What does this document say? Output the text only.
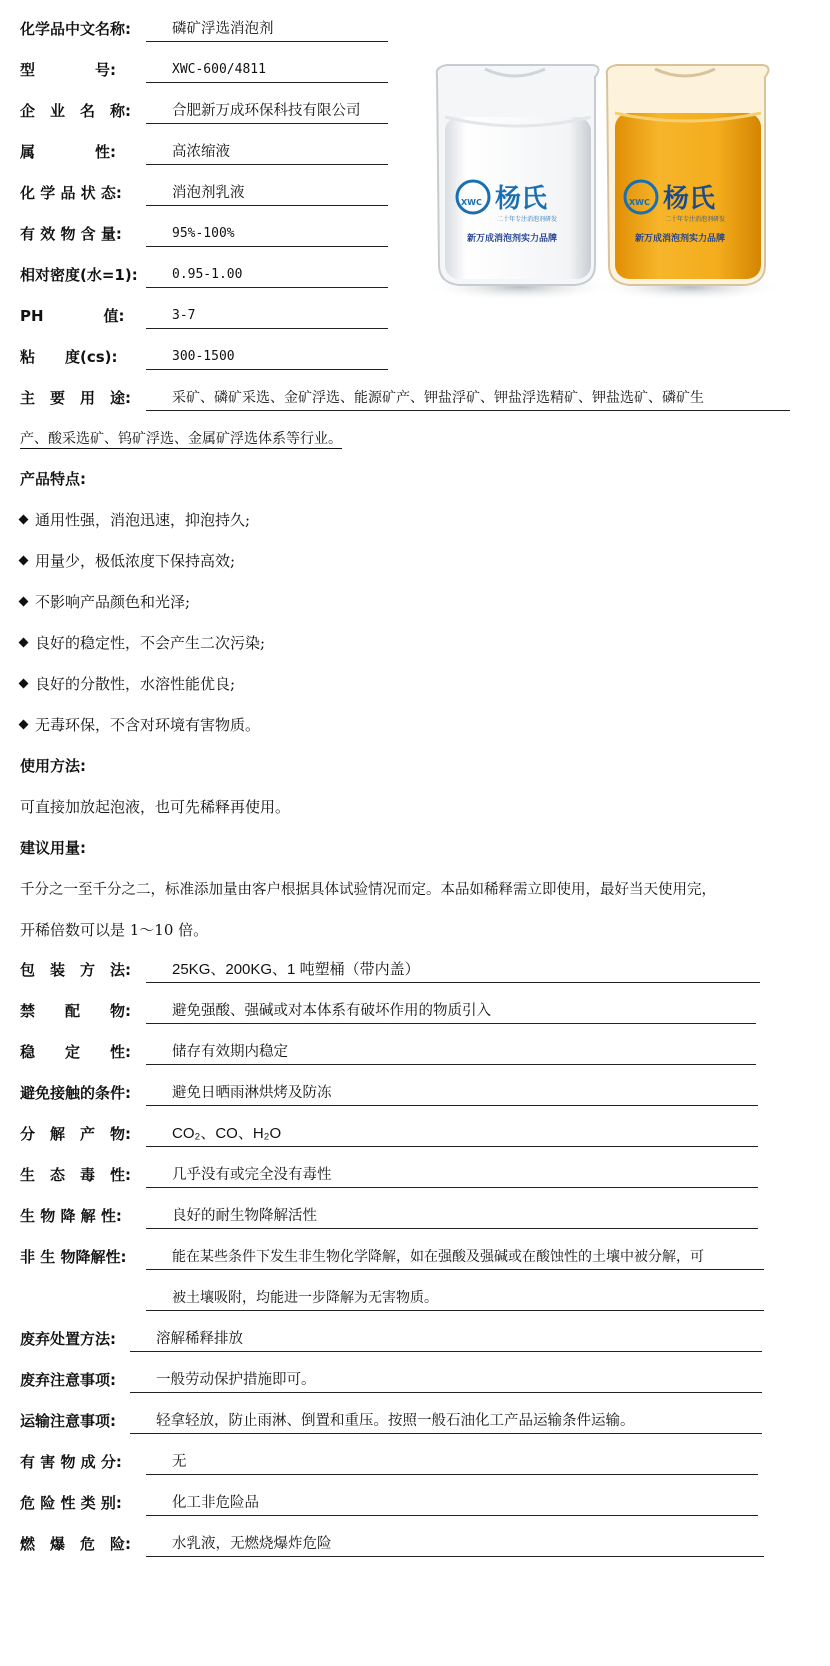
化学品中文名称:	磷矿浮选消泡剂
型　　　　号:	XWC-600/4811
企　业　名　称:	合肥新万成环保科技有限公司
属　　　　性:	高浓缩液
化 学 品 状 态:	消泡剂乳液
有 效 物 含 量:	95%-100%
相对密度(水=1):	0.95-1.00
PH　　　　值:	3-7
粘　　度(cs):	300-1500
XWC 杨氏
二十年专注消泡剂研发
新万成消泡剂实力品牌
XWC 杨氏
二十年专注消泡剂研发
新万成消泡剂实力品牌
主　要　用　途:	采矿、磷矿采选、金矿浮选、能源矿产、钾盐浮矿、钾盐浮选精矿、钾盐选矿、磷矿生
产、酸采选矿、钨矿浮选、金属矿浮选体系等行业。
产品特点:
通用性强，消泡迅速，抑泡持久;
用量少，极低浓度下保持高效;
不影响产品颜色和光泽;
良好的稳定性，不会产生二次污染;
良好的分散性，水溶性能优良;
无毒环保，不含对环境有害物质。
使用方法:
可直接加放起泡液，也可先稀释再使用。
建议用量:
千分之一至千分之二，标准添加量由客户根据具体试验情况而定。本品如稀释需立即使用，最好当天使用完，
开稀倍数可以是 1～10 倍。
包　装　方　法:	25KG、200KG、1 吨塑桶（带内盖）
禁　　配　　物:	避免强酸、强碱或对本体系有破坏作用的物质引入
稳　　定　　性:	储存有效期内稳定
避免接触的条件:	避免日晒雨淋烘烤及防冻
分　解　产　物:	CO₂、CO、H₂O
生　态　毒　性:	几乎没有或完全没有毒性
生 物 降 解 性:	良好的耐生物降解活性
非 生 物降解性:	能在某些条件下发生非生物化学降解，如在强酸及强碱或在酸蚀性的土壤中被分解，可
被土壤吸附，均能进一步降解为无害物质。
废弃处置方法:	溶解稀释排放
废弃注意事项:	一般劳动保护措施即可。
运输注意事项:	轻拿轻放，防止雨淋、倒置和重压。按照一般石油化工产品运输条件运输。
有 害 物 成 分:	无
危 险 性 类 别:	化工非危险品
燃　爆　危　险:	水乳液，无燃烧爆炸危险
